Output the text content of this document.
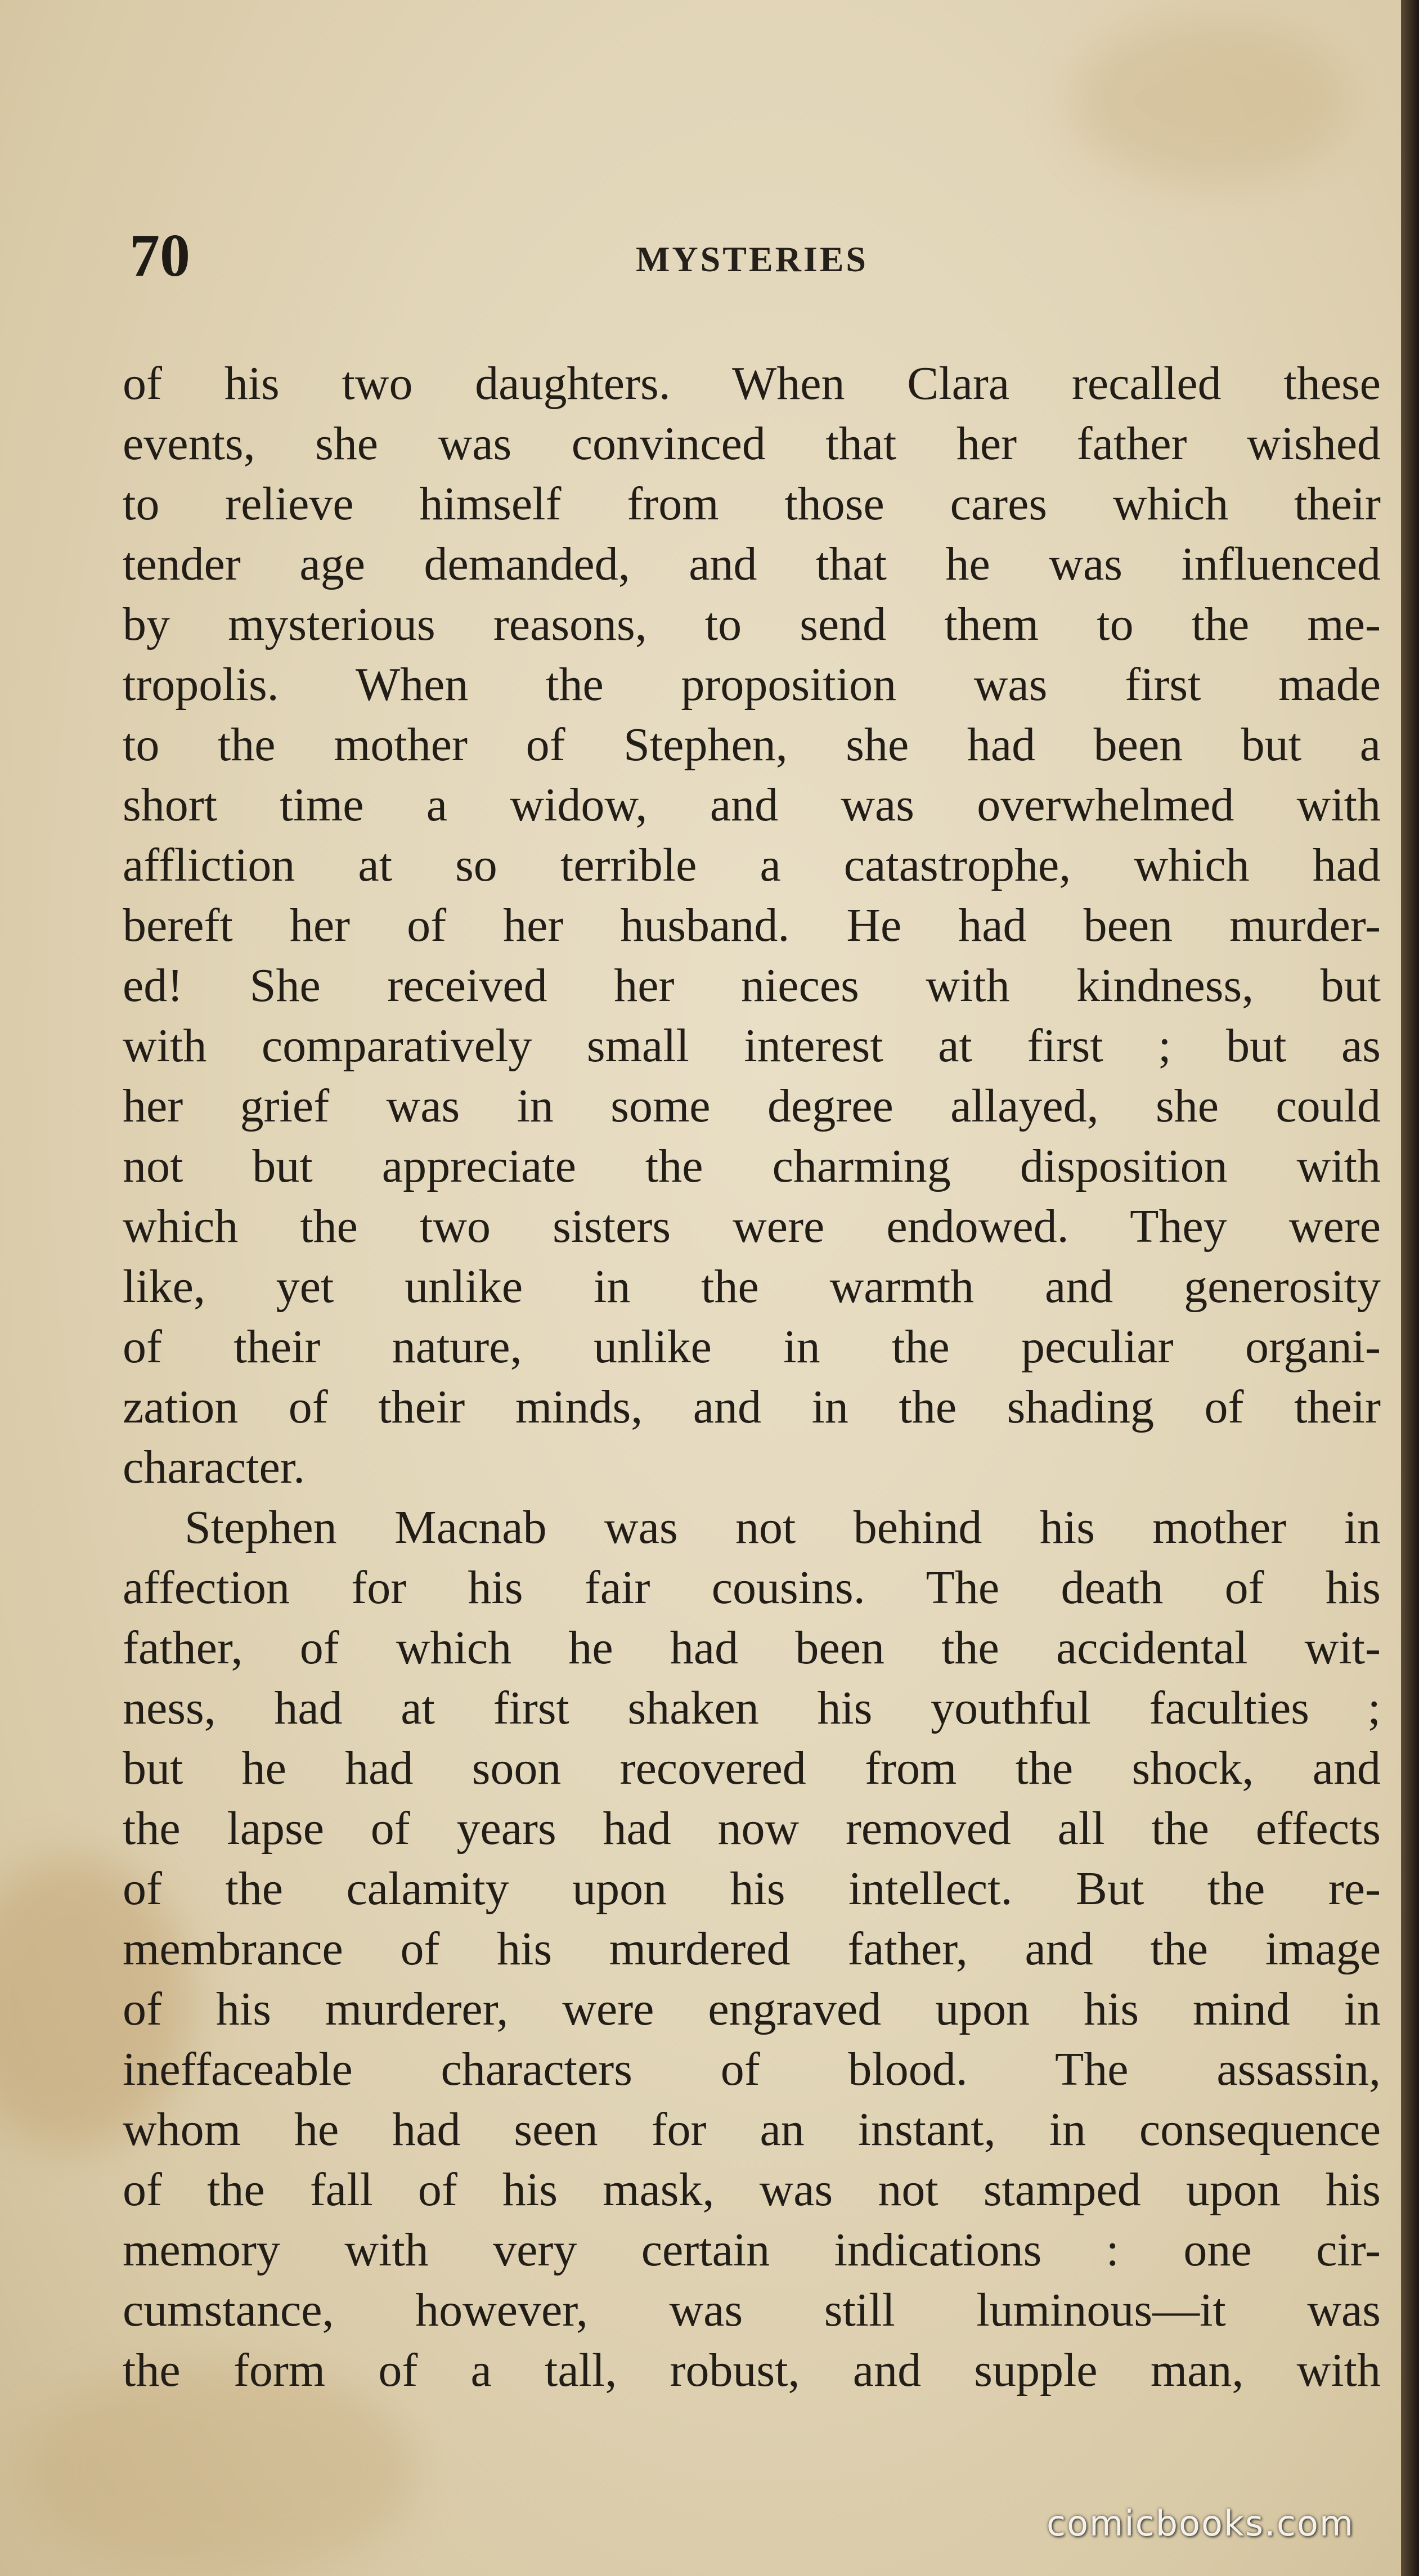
70	MYSTERIES
of his two daughters. When Clara recalled these
events, she was convinced that her father wished
to relieve himself from those cares which their
tender age demanded, and that he was influenced
by mysterious reasons, to send them to the me-
tropolis. When the proposition was first made
to the mother of Stephen, she had been but a
short time a widow, and was overwhelmed with
affliction at so terrible a catastrophe, which had
bereft her of her husband. He had been murder-
ed! She received her nieces with kindness, but
with comparatively small interest at first ; but as
her grief was in some degree allayed, she could
not but appreciate the charming disposition with
which the two sisters were endowed. They were
like, yet unlike in the warmth and generosity
of their nature, unlike in the peculiar organi-
zation of their minds, and in the shading of their
character.
Stephen Macnab was not behind his mother in
affection for his fair cousins. The death of his
father, of which he had been the accidental wit-
ness, had at first shaken his youthful faculties ;
but he had soon recovered from the shock, and
the lapse of years had now removed all the effects
of the calamity upon his intellect. But the re-
membrance of his murdered father, and the image
of his murderer, were engraved upon his mind in
ineffaceable characters of blood. The assassin,
whom he had seen for an instant, in consequence
of the fall of his mask, was not stamped upon his
memory with very certain indications : one cir-
cumstance, however, was still luminous—it was
the form of a tall, robust, and supple man, with
comicbooks.com
